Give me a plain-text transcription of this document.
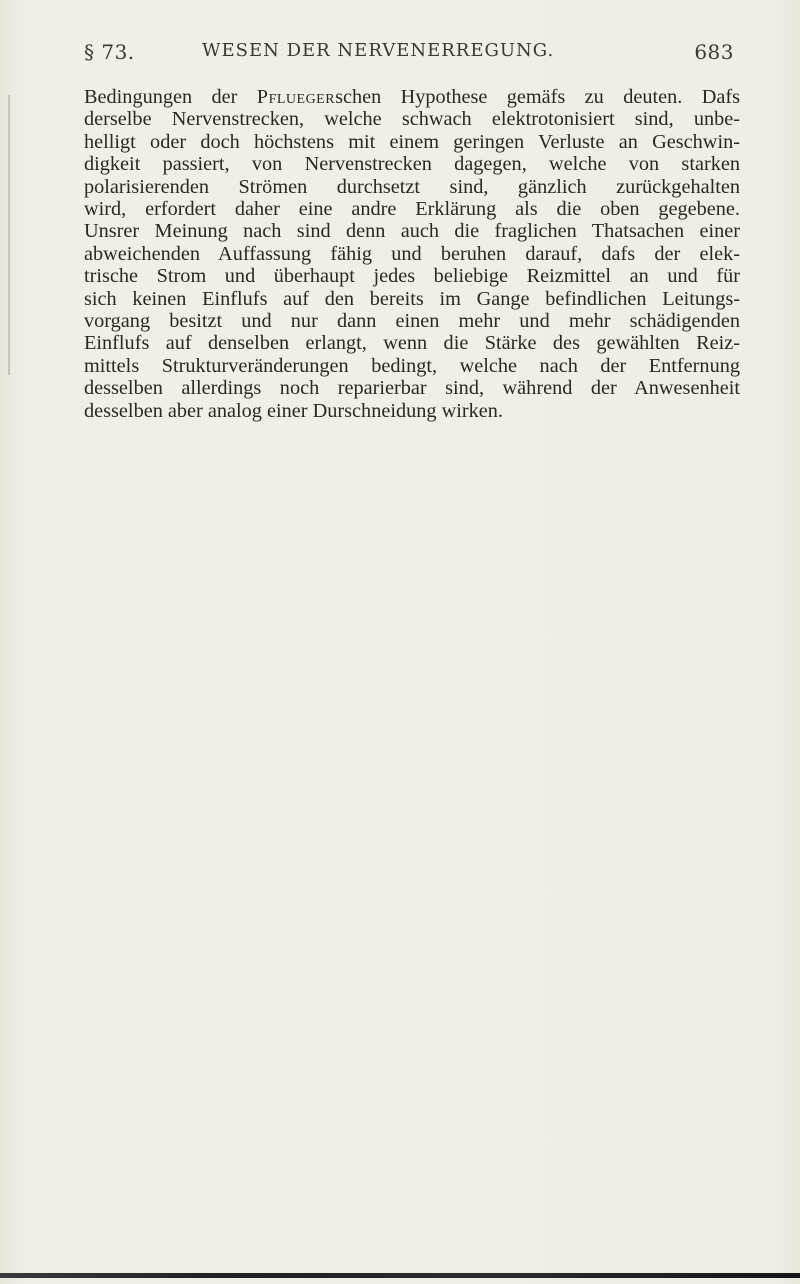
§ 73.	WESEN DER NERVENERREGUNG.	683
Bedingungen der Pfluegerschen Hypothese gemäfs zu deuten. Dafs
derselbe Nervenstrecken, welche schwach elektrotonisiert sind, unbe-
helligt oder doch höchstens mit einem geringen Verluste an Geschwin-
digkeit passiert, von Nervenstrecken dagegen, welche von starken
polarisierenden Strömen durchsetzt sind, gänzlich zurückgehalten
wird, erfordert daher eine andre Erklärung als die oben gegebene.
Unsrer Meinung nach sind denn auch die fraglichen Thatsachen einer
abweichenden Auffassung fähig und beruhen darauf, dafs der elek-
trische Strom und überhaupt jedes beliebige Reizmittel an und für
sich keinen Einflufs auf den bereits im Gange befindlichen Leitungs-
vorgang besitzt und nur dann einen mehr und mehr schädigenden
Einflufs auf denselben erlangt, wenn die Stärke des gewählten Reiz-
mittels Strukturveränderungen bedingt, welche nach der Entfernung
desselben allerdings noch reparierbar sind, während der Anwesenheit
desselben aber analog einer Durschneidung wirken.
